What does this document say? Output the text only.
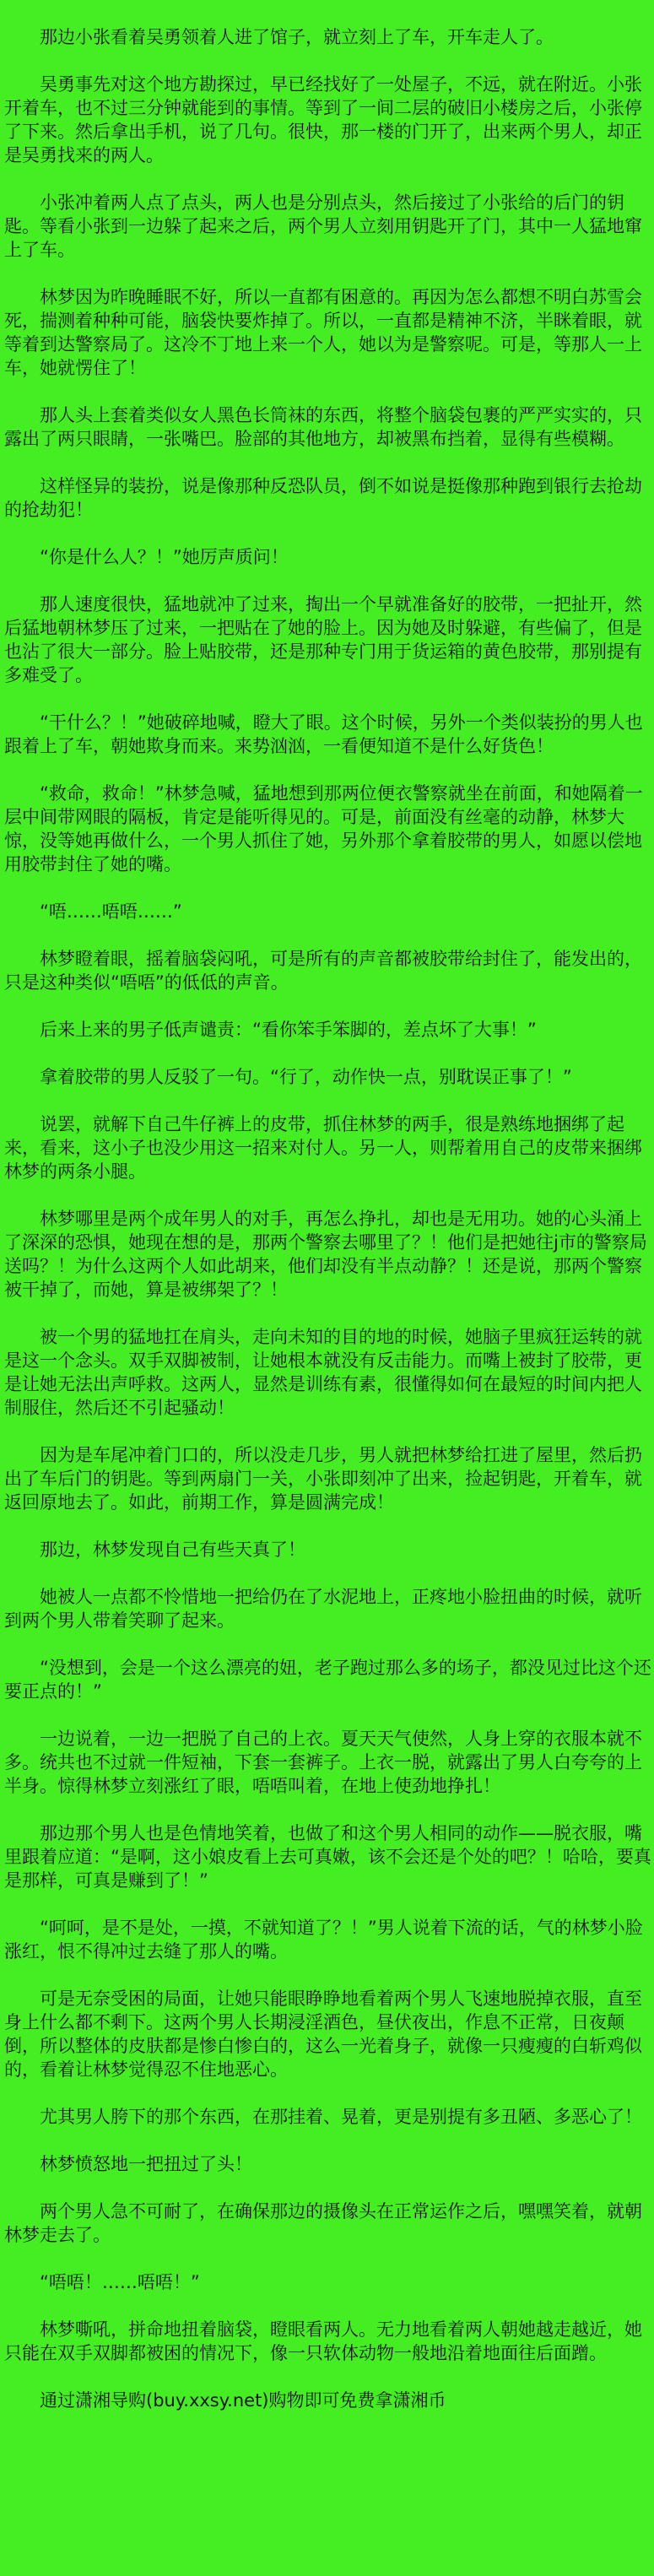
那边小张看着吴勇领着人进了馆子，就立刻上了车，开车走人了。

吴勇事先对这个地方勘探过，早已经找好了一处屋子，不远，就在附近。小张开着车，也不过三分钟就能到的事情。等到了一间二层的破旧小楼房之后，小张停了下来。然后拿出手机，说了几句。很快，那一楼的门开了，出来两个男人，却正是吴勇找来的两人。

小张冲着两人点了点头，两人也是分别点头，然后接过了小张给的后门的钥匙。等看小张到一边躲了起来之后，两个男人立刻用钥匙开了门，其中一人猛地窜上了车。

林梦因为昨晚睡眠不好，所以一直都有困意的。再因为怎么都想不明白苏雪会死，揣测着种种可能，脑袋快要炸掉了。所以，一直都是精神不济，半眯着眼，就等着到达警察局了。这冷不丁地上来一个人，她以为是警察呢。可是，等那人一上车，她就愣住了！

那人头上套着类似女人黑色长筒袜的东西，将整个脑袋包裹的严严实实的，只露出了两只眼睛，一张嘴巴。脸部的其他地方，却被黑布挡着，显得有些模糊。

这样怪异的装扮，说是像那种反恐队员，倒不如说是挺像那种跑到银行去抢劫的抢劫犯！

“你是什么人？！”她厉声质问！

那人速度很快，猛地就冲了过来，掏出一个早就准备好的胶带，一把扯开，然后猛地朝林梦压了过来，一把贴在了她的脸上。因为她及时躲避，有些偏了，但是也沾了很大一部分。脸上贴胶带，还是那种专门用于货运箱的黄色胶带，那别提有多难受了。

“干什么？！”她破碎地喊，瞪大了眼。这个时候，另外一个类似装扮的男人也跟着上了车，朝她欺身而来。来势汹汹，一看便知道不是什么好货色！

“救命，救命！”林梦急喊，猛地想到那两位便衣警察就坐在前面，和她隔着一层中间带网眼的隔板，肯定是能听得见的。可是，前面没有丝毫的动静，林梦大惊，没等她再做什么，一个男人抓住了她，另外那个拿着胶带的男人，如愿以偿地用胶带封住了她的嘴。

“唔……唔唔……”

林梦瞪着眼，摇着脑袋闷吼，可是所有的声音都被胶带给封住了，能发出的，只是这种类似“唔唔”的低低的声音。

后来上来的男子低声谴责：“看你笨手笨脚的，差点坏了大事！”

拿着胶带的男人反驳了一句。“行了，动作快一点，别耽误正事了！”

说罢，就解下自己牛仔裤上的皮带，抓住林梦的两手，很是熟练地捆绑了起来，看来，这小子也没少用这一招来对付人。另一人，则帮着用自己的皮带来捆绑林梦的两条小腿。

林梦哪里是两个成年男人的对手，再怎么挣扎，却也是无用功。她的心头涌上了深深的恐惧，她现在想的是，那两个警察去哪里了？！他们是把她往j市的警察局送吗？！为什么这两个人如此胡来，他们却没有半点动静？！还是说，那两个警察被干掉了，而她，算是被绑架了？！

被一个男的猛地扛在肩头，走向未知的目的地的时候，她脑子里疯狂运转的就是这一个念头。双手双脚被制，让她根本就没有反击能力。而嘴上被封了胶带，更是让她无法出声呼救。这两人，显然是训练有素，很懂得如何在最短的时间内把人制服住，然后还不引起骚动！

因为是车尾冲着门口的，所以没走几步，男人就把林梦给扛进了屋里，然后扔出了车后门的钥匙。等到两扇门一关，小张即刻冲了出来，捡起钥匙，开着车，就返回原地去了。如此，前期工作，算是圆满完成！

那边，林梦发现自己有些天真了！

她被人一点都不怜惜地一把给仍在了水泥地上，正疼地小脸扭曲的时候，就听到两个男人带着笑聊了起来。

“没想到，会是一个这么漂亮的妞，老子跑过那么多的场子，都没见过比这个还要正点的！”

一边说着，一边一把脱了自己的上衣。夏天天气使然，人身上穿的衣服本就不多。统共也不过就一件短袖，下套一套裤子。上衣一脱，就露出了男人白夸夸的上半身。惊得林梦立刻涨红了眼，唔唔叫着，在地上使劲地挣扎！

那边那个男人也是色情地笑着，也做了和这个男人相同的动作——脱衣服，嘴里跟着应道：“是啊，这小娘皮看上去可真嫩，该不会还是个处的吧？！哈哈，要真是那样，可真是赚到了！”

“呵呵，是不是处，一摸，不就知道了？！”男人说着下流的话，气的林梦小脸涨红，恨不得冲过去缝了那人的嘴。

可是无奈受困的局面，让她只能眼睁睁地看着两个男人飞速地脱掉衣服，直至身上什么都不剩下。这两个男人长期浸淫酒色，昼伏夜出，作息不正常，日夜颠倒，所以整体的皮肤都是惨白惨白的，这么一光着身子，就像一只瘦瘦的白斩鸡似的，看着让林梦觉得忍不住地恶心。

尤其男人胯下的那个东西，在那挂着、晃着，更是别提有多丑陋、多恶心了！

林梦愤怒地一把扭过了头！

两个男人急不可耐了，在确保那边的摄像头在正常运作之后，嘿嘿笑着，就朝林梦走去了。

“唔唔！……唔唔！”

林梦嘶吼，拼命地扭着脑袋，瞪眼看两人。无力地看着两人朝她越走越近，她只能在双手双脚都被困的情况下，像一只软体动物一般地沿着地面往后面蹭。

通过潇湘导购(buy.xxsy.net)购物即可免费拿潇湘币
